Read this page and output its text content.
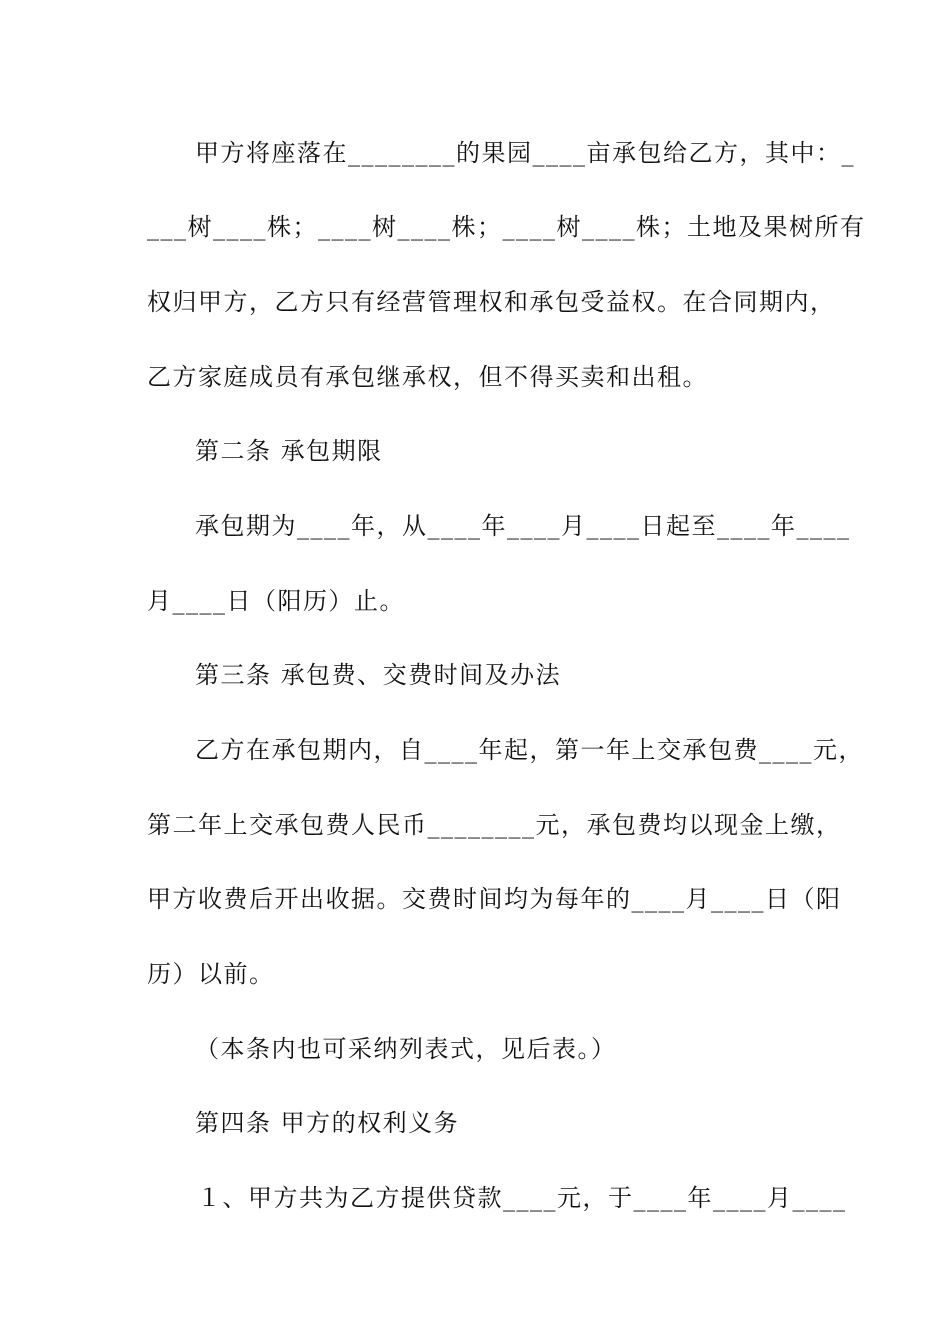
甲方将座落在________的果园____亩承包给乙方，其中：_
___树____株；____树____株；____树____株；土地及果树所有
权归甲方，乙方只有经营管理权和承包受益权。在合同期内，
乙方家庭成员有承包继承权，但不得买卖和出租。
第二条 承包期限
承包期为____年，从____年____月____日起至____年____
月____日（阳历）止。
第三条 承包费、交费时间及办法
乙方在承包期内，自____年起，第一年上交承包费____元，
第二年上交承包费人民币________元，承包费均以现金上缴，
甲方收费后开出收据。交费时间均为每年的____月____日（阳
历）以前。
（本条内也可采纳列表式，见后表。）
第四条 甲方的权利义务
１、甲方共为乙方提供贷款____元，于____年____月____
